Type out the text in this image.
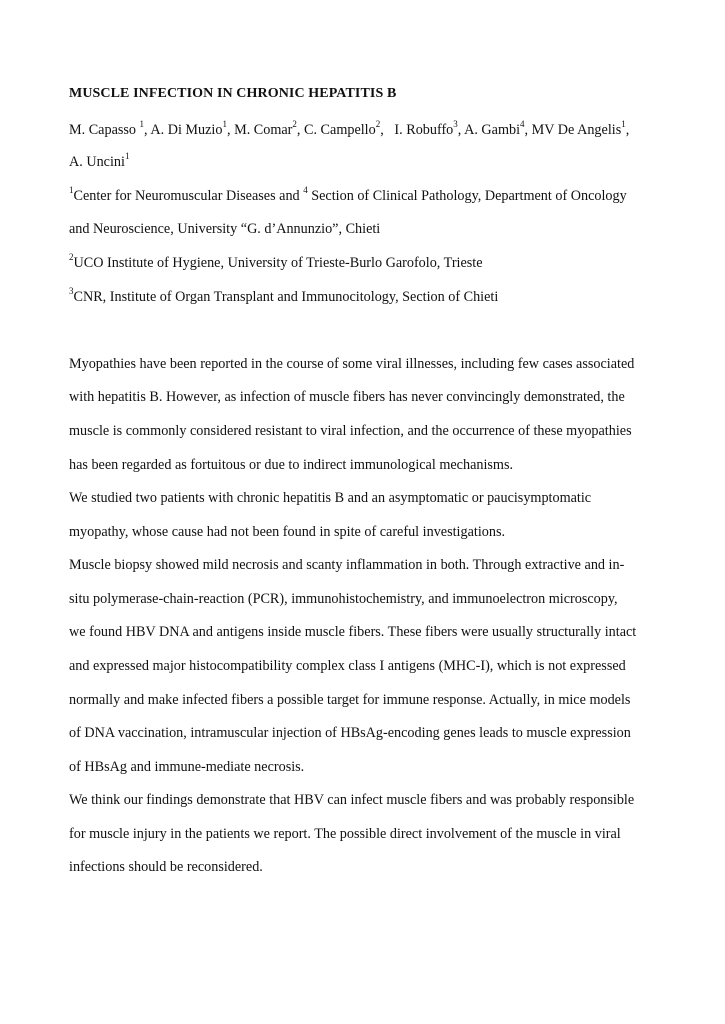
MUSCLE INFECTION IN CHRONIC HEPATITIS B
M. Capasso $^1$, A. Di Muzio$^1$, M. Comar$^2$, C. Campello$^2$,   I. Robuffo$^3$, A. Gambi$^4$, MV De Angelis$^1$,
A. Uncini$^1$
$^1$Center for Neuromuscular Diseases and $^4$ Section of Clinical Pathology, Department of Oncology
and Neuroscience, University “G. d’Annunzio”, Chieti
$^2$UCO Institute of Hygiene, University of Trieste-Burlo Garofolo, Trieste
$^3$CNR, Institute of Organ Transplant and Immunocitology, Section of Chieti
Myopathies have been reported in the course of some viral illnesses, including few cases associated
with hepatitis B. However, as infection of muscle fibers has never convincingly demonstrated, the
muscle is commonly considered resistant to viral infection, and the occurrence of these myopathies
has been regarded as fortuitous or due to indirect immunological mechanisms.
We studied two patients with chronic hepatitis B and an asymptomatic or paucisymptomatic
myopathy, whose cause had not been found in spite of careful investigations.
Muscle biopsy showed mild necrosis and scanty inflammation in both. Through extractive and in-
situ polymerase-chain-reaction (PCR), immunohistochemistry, and immunoelectron microscopy,
we found HBV DNA and antigens inside muscle fibers. These fibers were usually structurally intact
and expressed major histocompatibility complex class I antigens (MHC-I), which is not expressed
normally and make infected fibers a possible target for immune response. Actually, in mice models
of DNA vaccination, intramuscular injection of HBsAg-encoding genes leads to muscle expression
of HBsAg and immune-mediate necrosis.
We think our findings demonstrate that HBV can infect muscle fibers and was probably responsible
for muscle injury in the patients we report. The possible direct involvement of the muscle in viral
infections should be reconsidered.
